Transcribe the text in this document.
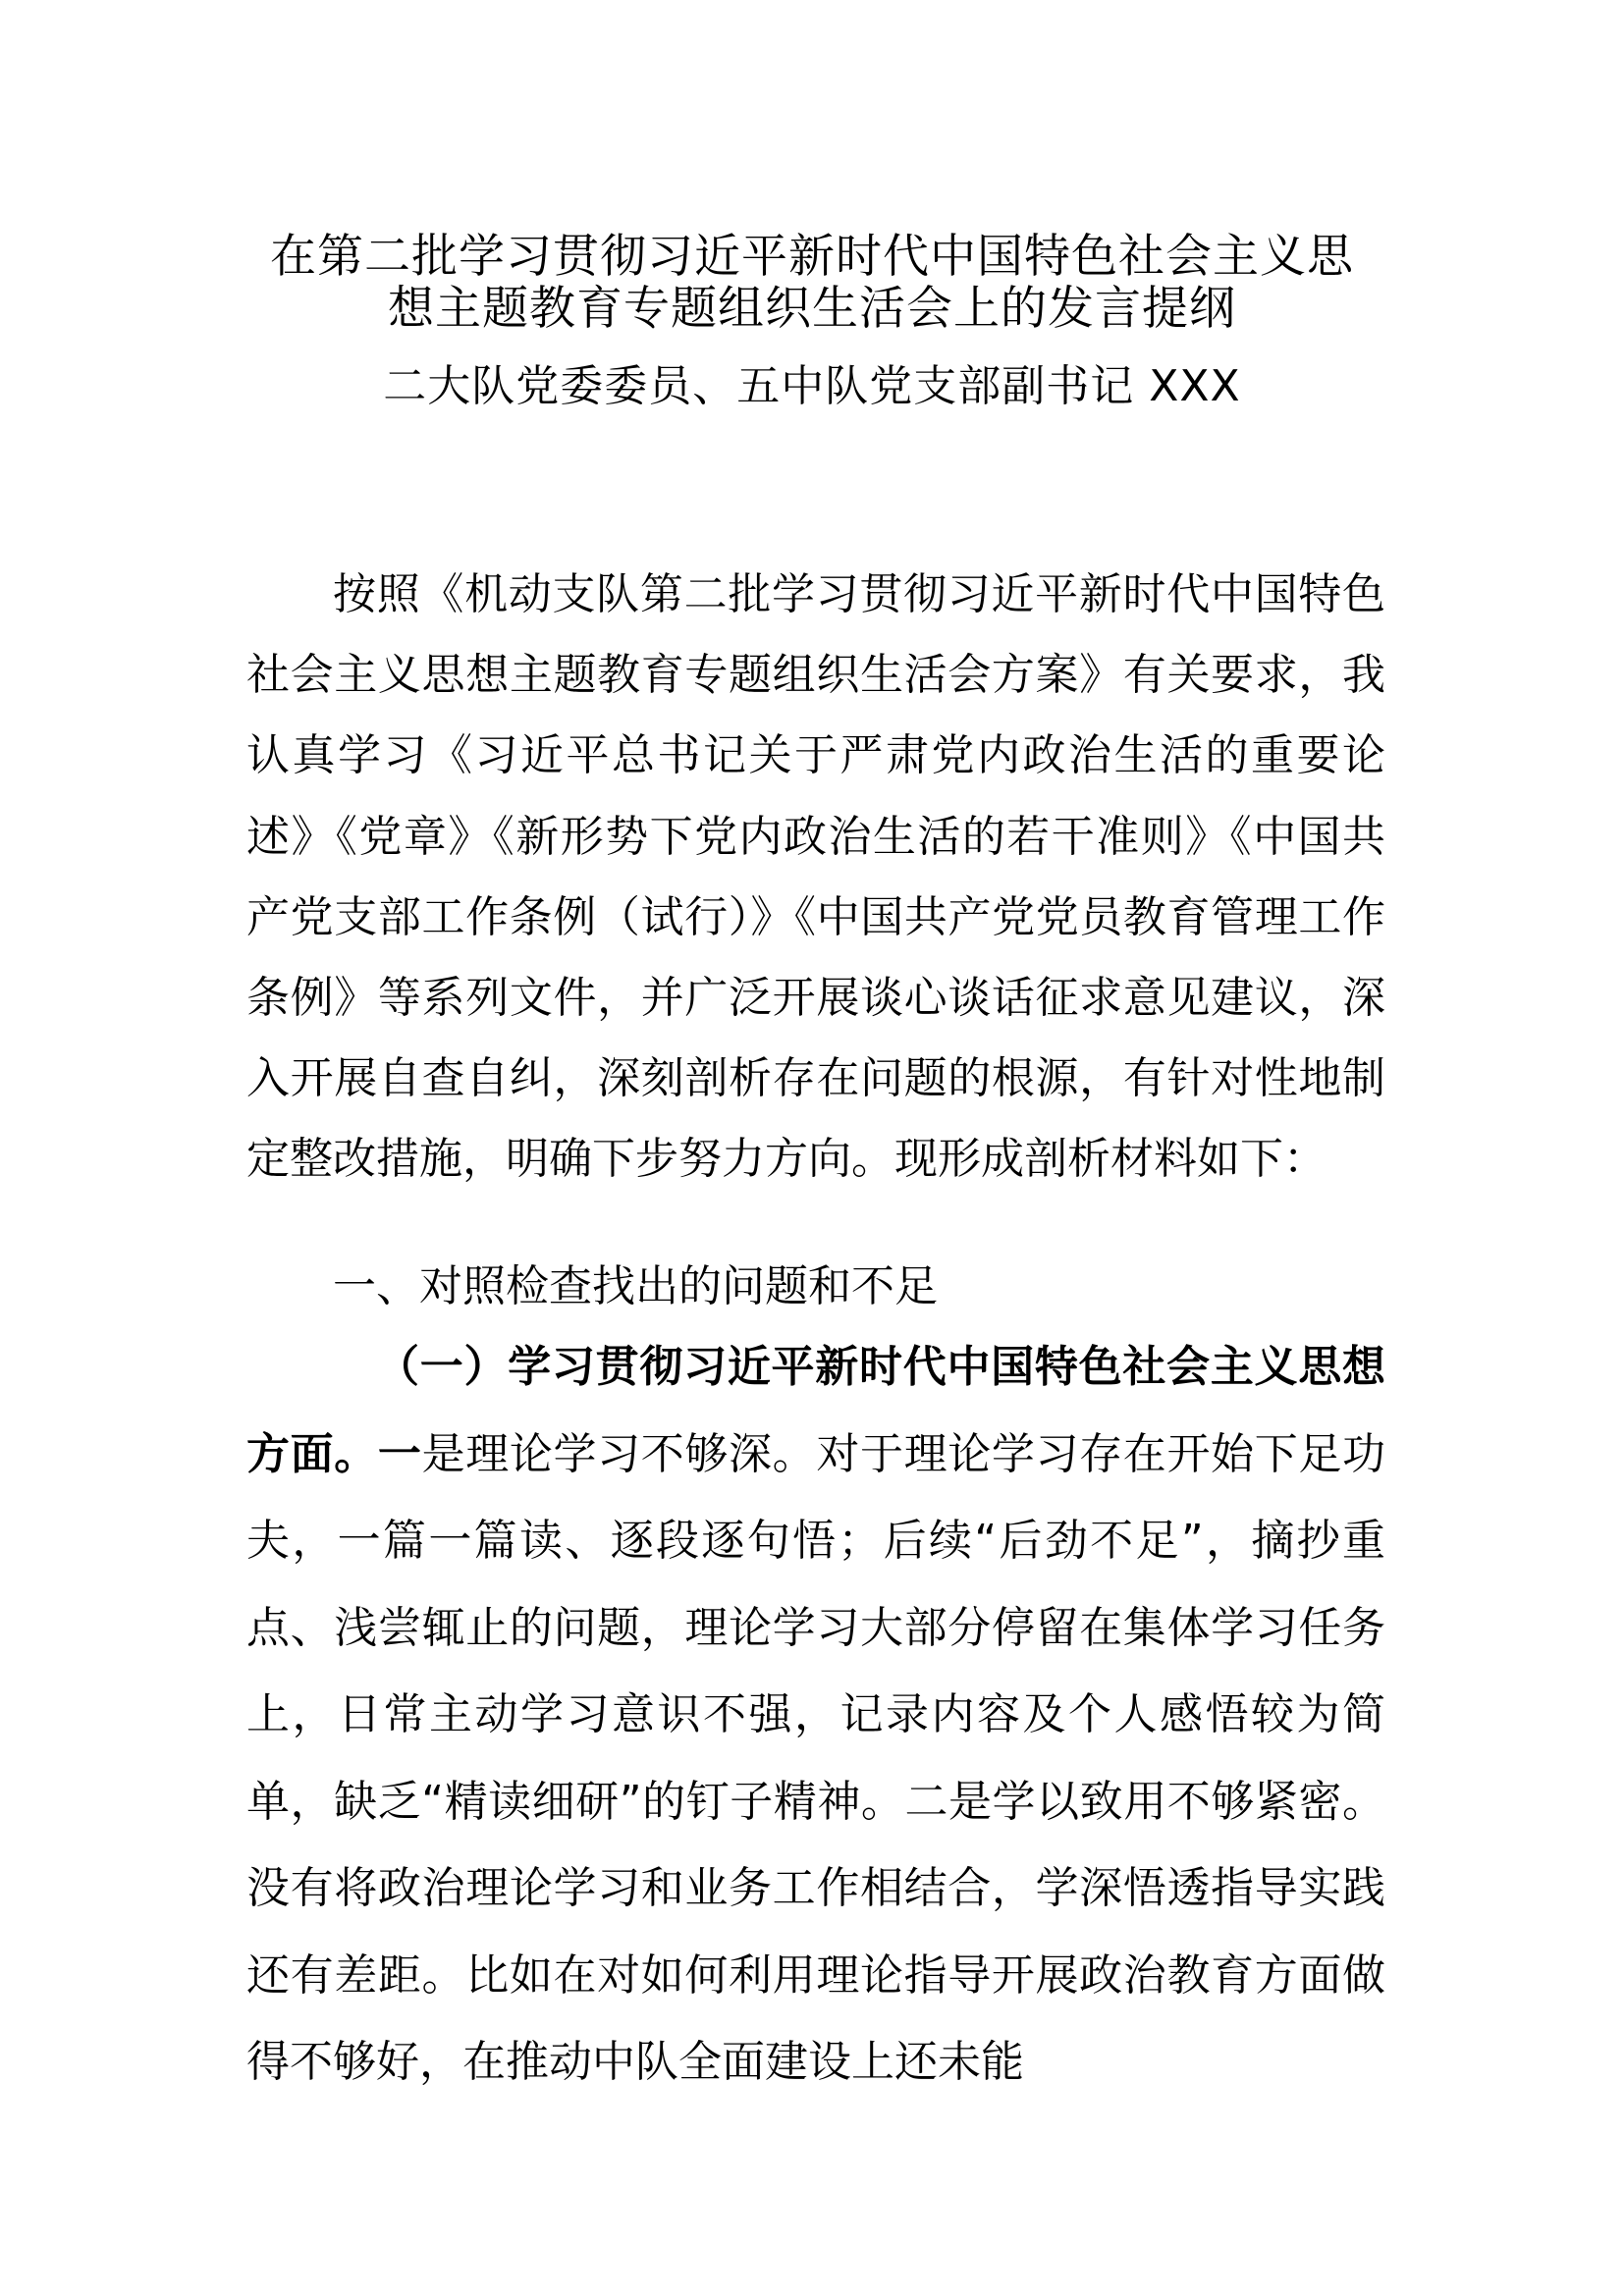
在第二批学习贯彻习近平新时代中国特色社会主义思
想主题教育专题组织生活会上的发言提纲
二大队党委委员、五中队党支部副书记 XXX
按照《机动支队第二批学习贯彻习近平新时代中国特色社会主义思想主题教育专题组织生活会方案》有关要求，我认真学习《习近平总书记关于严肃党内政治生活的重要论述》《党章》《新形势下党内政治生活的若干准则》《中国共产党支部工作条例（试行）》《中国共产党党员教育管理工作条例》等系列文件，并广泛开展谈心谈话征求意见建议，深入开展自查自纠，深刻剖析存在问题的根源，有针对性地制定整改措施，明确下步努力方向。现形成剖析材料如下：
一、对照检查找出的问题和不足
（一）学习贯彻习近平新时代中国特色社会主义思想方面。一是理论学习不够深。对于理论学习存在开始下足功夫，一篇一篇读、逐段逐句悟；后续“后劲不足”，摘抄重点、浅尝辄止的问题，理论学习大部分停留在集体学习任务上，日常主动学习意识不强，记录内容及个人感悟较为简单，缺乏“精读细研”的钉子精神。二是学以致用不够紧密。没有将政治理论学习和业务工作相结合，学深悟透指导实践还有差距。比如在对如何利用理论指导开展政治教育方面做得不够好，在推动中队全面建设上还未能
